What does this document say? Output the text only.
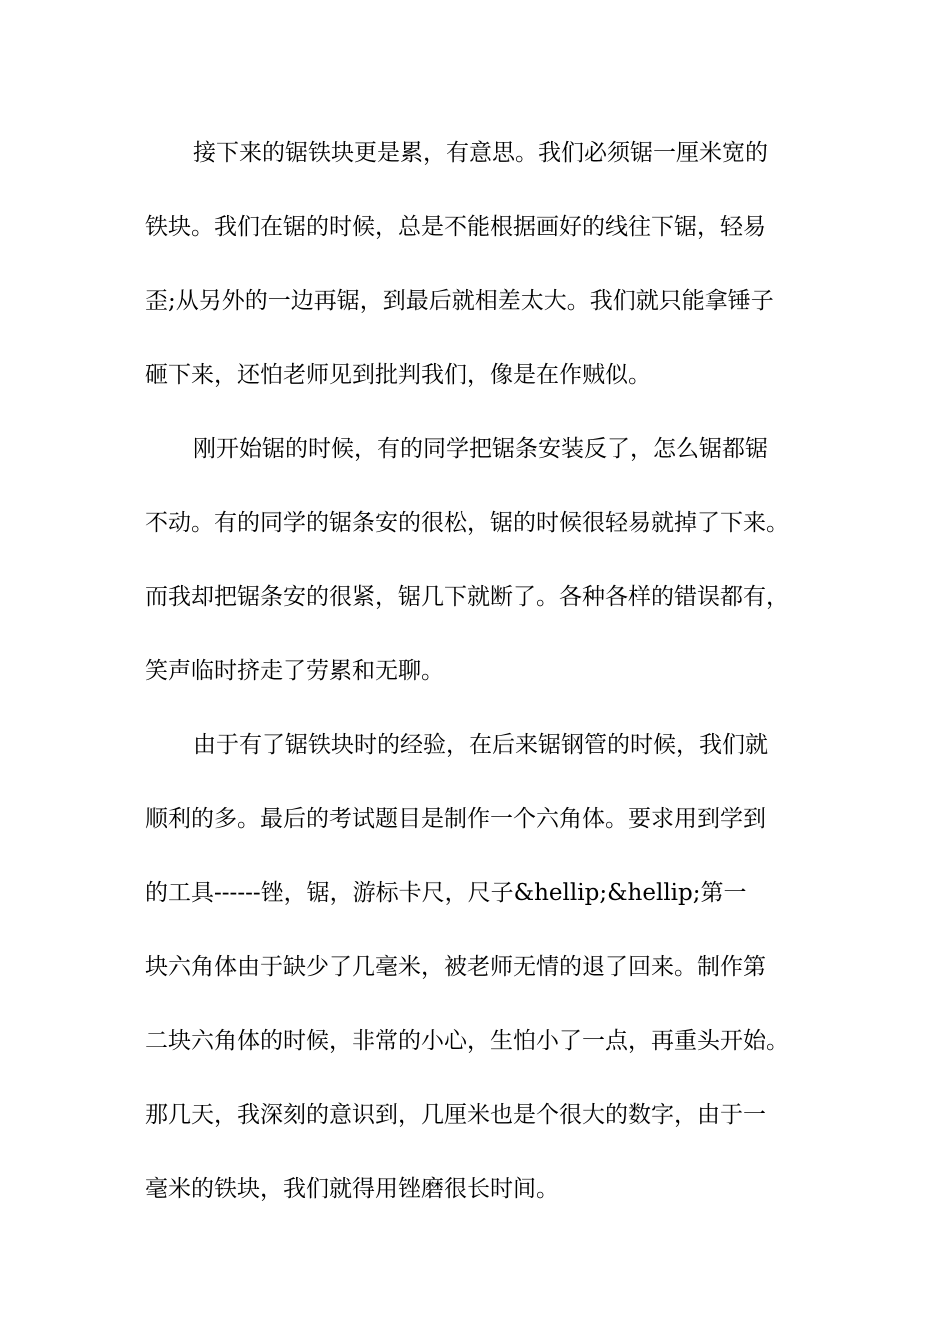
接下来的锯铁块更是累，有意思。我们必须锯一厘米宽的
铁块。我们在锯的时候，总是不能根据画好的线往下锯，轻易
歪;从另外的一边再锯，到最后就相差太大。我们就只能拿锤子
砸下来，还怕老师见到批判我们，像是在作贼似。
刚开始锯的时候，有的同学把锯条安装反了，怎么锯都锯
不动。有的同学的锯条安的很松，锯的时候很轻易就掉了下来。
而我却把锯条安的很紧，锯几下就断了。各种各样的错误都有，
笑声临时挤走了劳累和无聊。
由于有了锯铁块时的经验，在后来锯钢管的时候，我们就
顺利的多。最后的考试题目是制作一个六角体。要求用到学到
的工具------锉，锯，游标卡尺，尺子&hellip;&hellip;第一
块六角体由于缺少了几毫米，被老师无情的退了回来。制作第
二块六角体的时候，非常的小心，生怕小了一点，再重头开始。
那几天，我深刻的意识到，几厘米也是个很大的数字，由于一
毫米的铁块，我们就得用锉磨很长时间。
